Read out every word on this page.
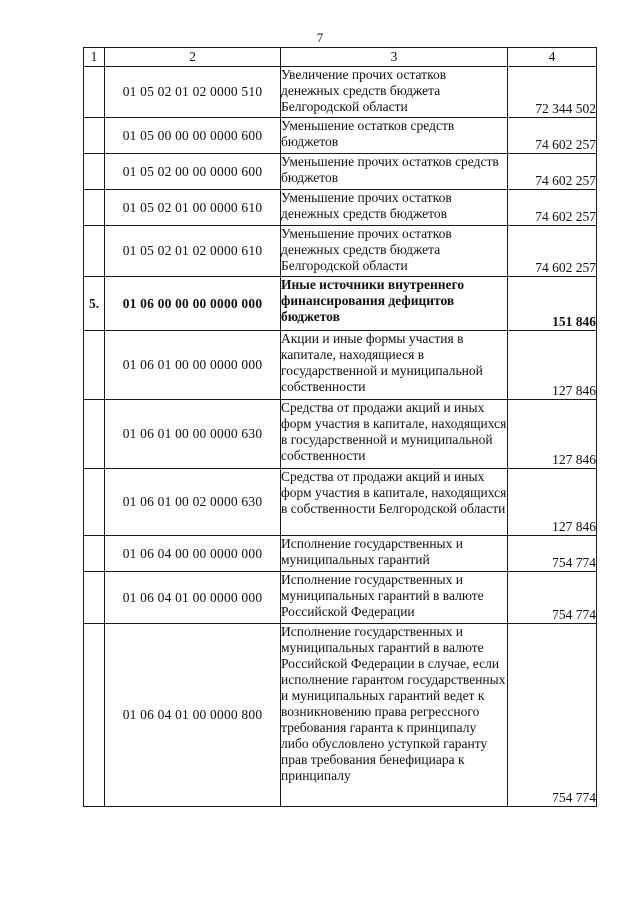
7
1	2	3	4
	01 05 02 01 02 0000 510	Увеличение прочих остатков денежных средств бюджета Белгородской области	72 344 502
	01 05 00 00 00 0000 600	Уменьшение остатков средств бюджетов	74 602 257
	01 05 02 00 00 0000 600	Уменьшение прочих остатков средств бюджетов	74 602 257
	01 05 02 01 00 0000 610	Уменьшение прочих остатков денежных средств бюджетов	74 602 257
	01 05 02 01 02 0000 610	Уменьшение прочих остатков денежных средств бюджета Белгородской области	74 602 257
5.	01 06 00 00 00 0000 000	Иные источники внутреннего финансирования дефицитов бюджетов	151 846
	01 06 01 00 00 0000 000	Акции и иные формы участия в капитале, находящиеся в государственной и муниципальной собственности	127 846
	01 06 01 00 00 0000 630	Средства от продажи акций и иных форм участия в капитале, находящихся в государственной и муниципальной собственности	127 846
	01 06 01 00 02 0000 630	Средства от продажи акций и иных форм участия в капитале, находящихся в собственности Белгородской области	127 846
	01 06 04 00 00 0000 000	Исполнение государственных и муниципальных гарантий	754 774
	01 06 04 01 00 0000 000	Исполнение государственных и муниципальных гарантий в валюте Российской Федерации	754 774
	01 06 04 01 00 0000 800	Исполнение государственных и муниципальных гарантий в валюте Российской Федерации в случае, если исполнение гарантом государственных и муниципальных гарантий ведет к возникновению права регрессного требования гаранта к принципалу либо обусловлено уступкой гаранту прав требования бенефициара к принципалу	754 774
